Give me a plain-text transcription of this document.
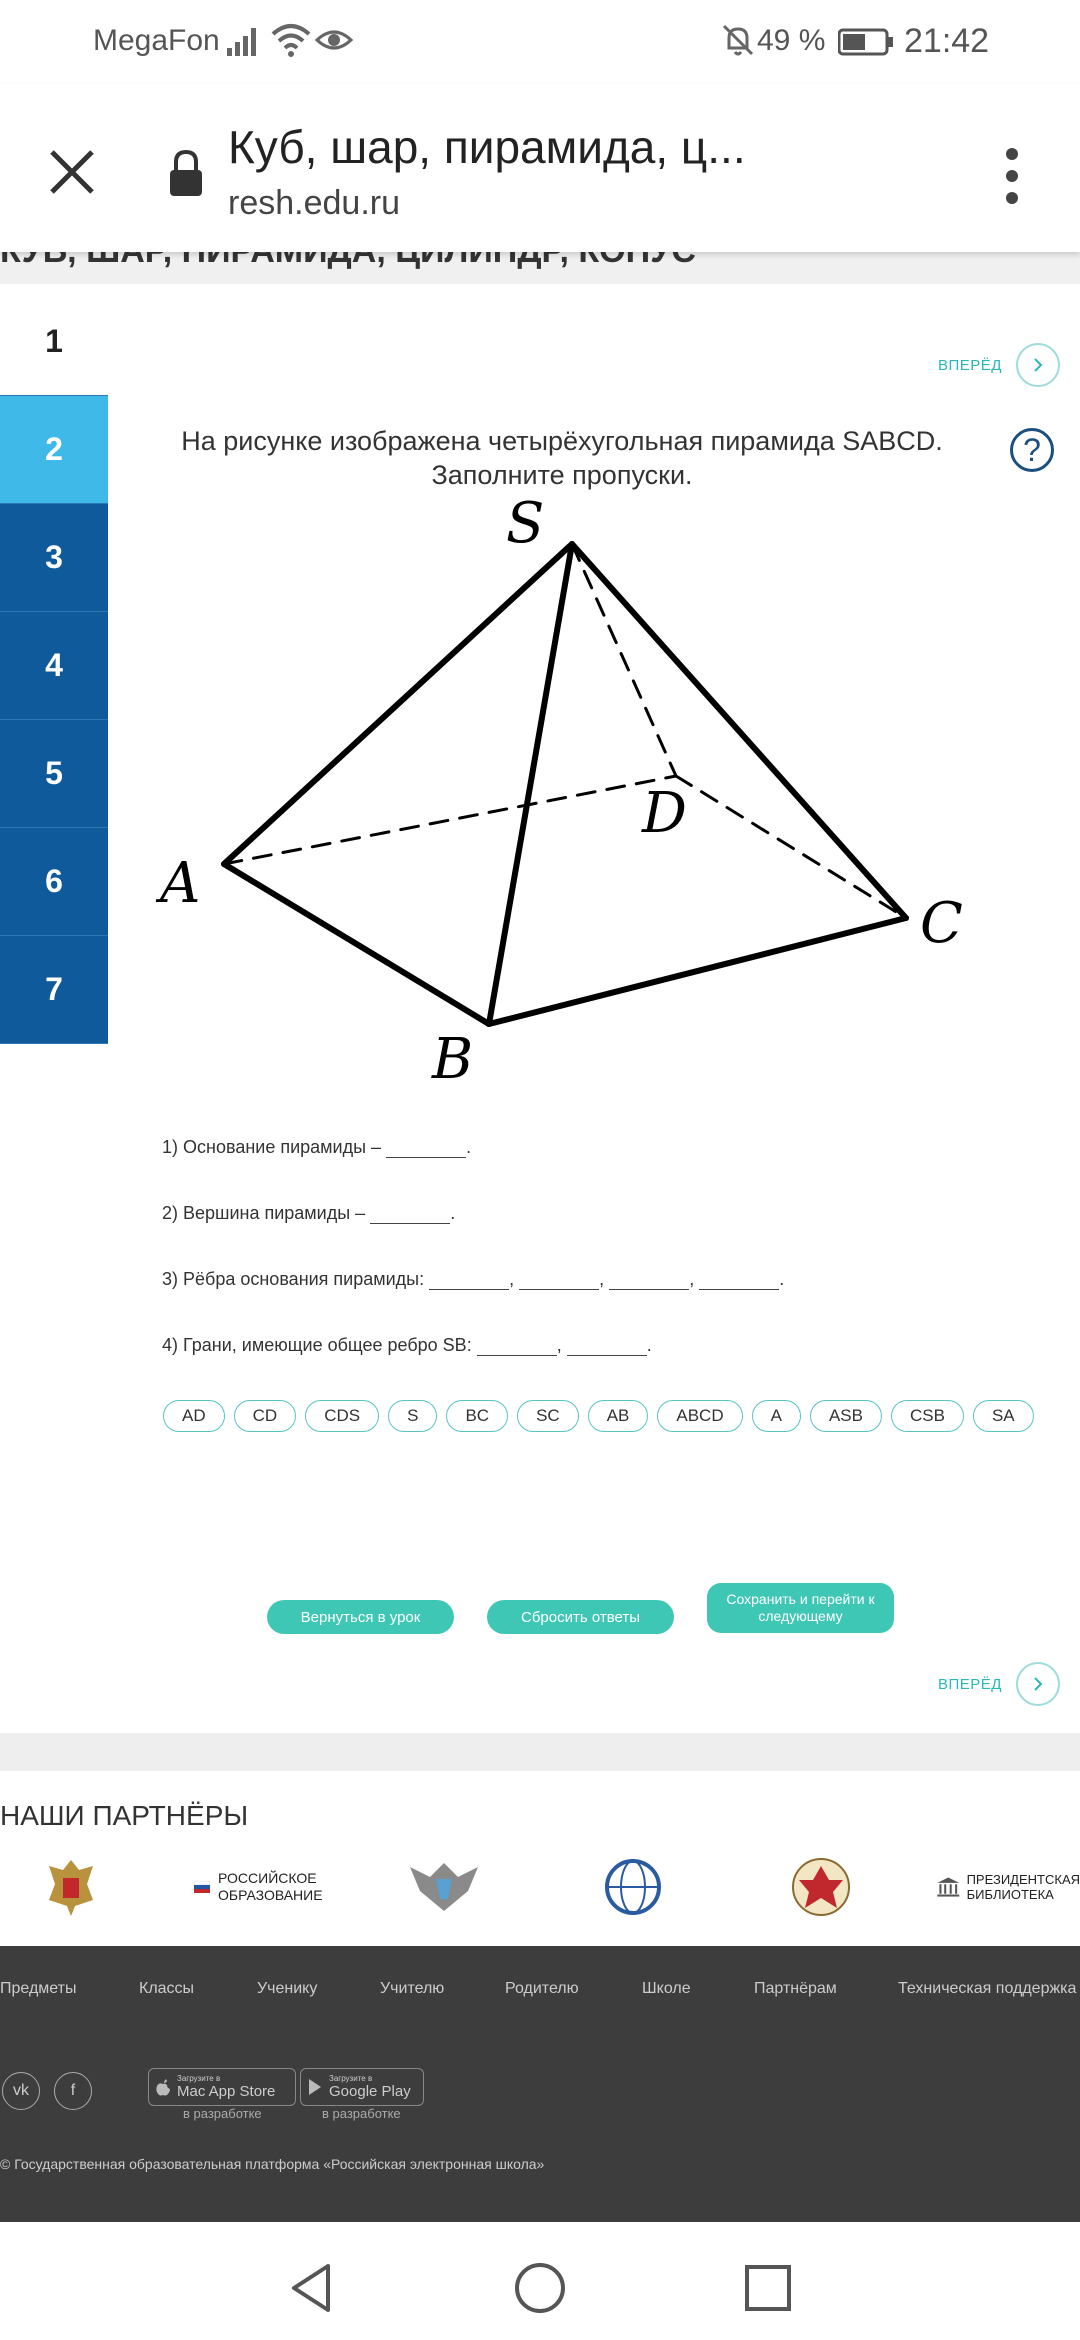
MegaFon	49 % 21:42
Куб, шар, пирамида, ц...
resh.edu.ru
1
2
3
4
5
6
7
ВПЕРЁД
?
На рисунке изображена четырёхугольная пирамида SABCD.
Заполните пропуски.
S
A
B
C
D
1) Основание пирамиды –	.
2) Вершина пирамиды –	.
3) Рёбра основания пирамиды:	,	,	,	.
4) Грани, имеющие общее ребро SB:	,	.
AD	CD	CDS	S	BC	SC	AB	ABCD	A	ASB	CSB	SA
Вернуться в урок	Сбросить ответы
Сохранить и перейти к
следующему
ВПЕРЁД
НАШИ ПАРТНЁРЫ
РОССИЙСКОЕ
ОБРАЗОВАНИЕ
ПРЕЗИДЕНТСКАЯ
БИБЛИОТЕКА
Предметы	Классы	Ученику	Учителю	Родителю	Школе	Партнёрам	Техническая поддержка
vk	f
Загрузите в
Mac App Store
Загрузите в
Google Play
в разработке	в разработке
© Государственная образовательная платформа «Российская электронная школа»
